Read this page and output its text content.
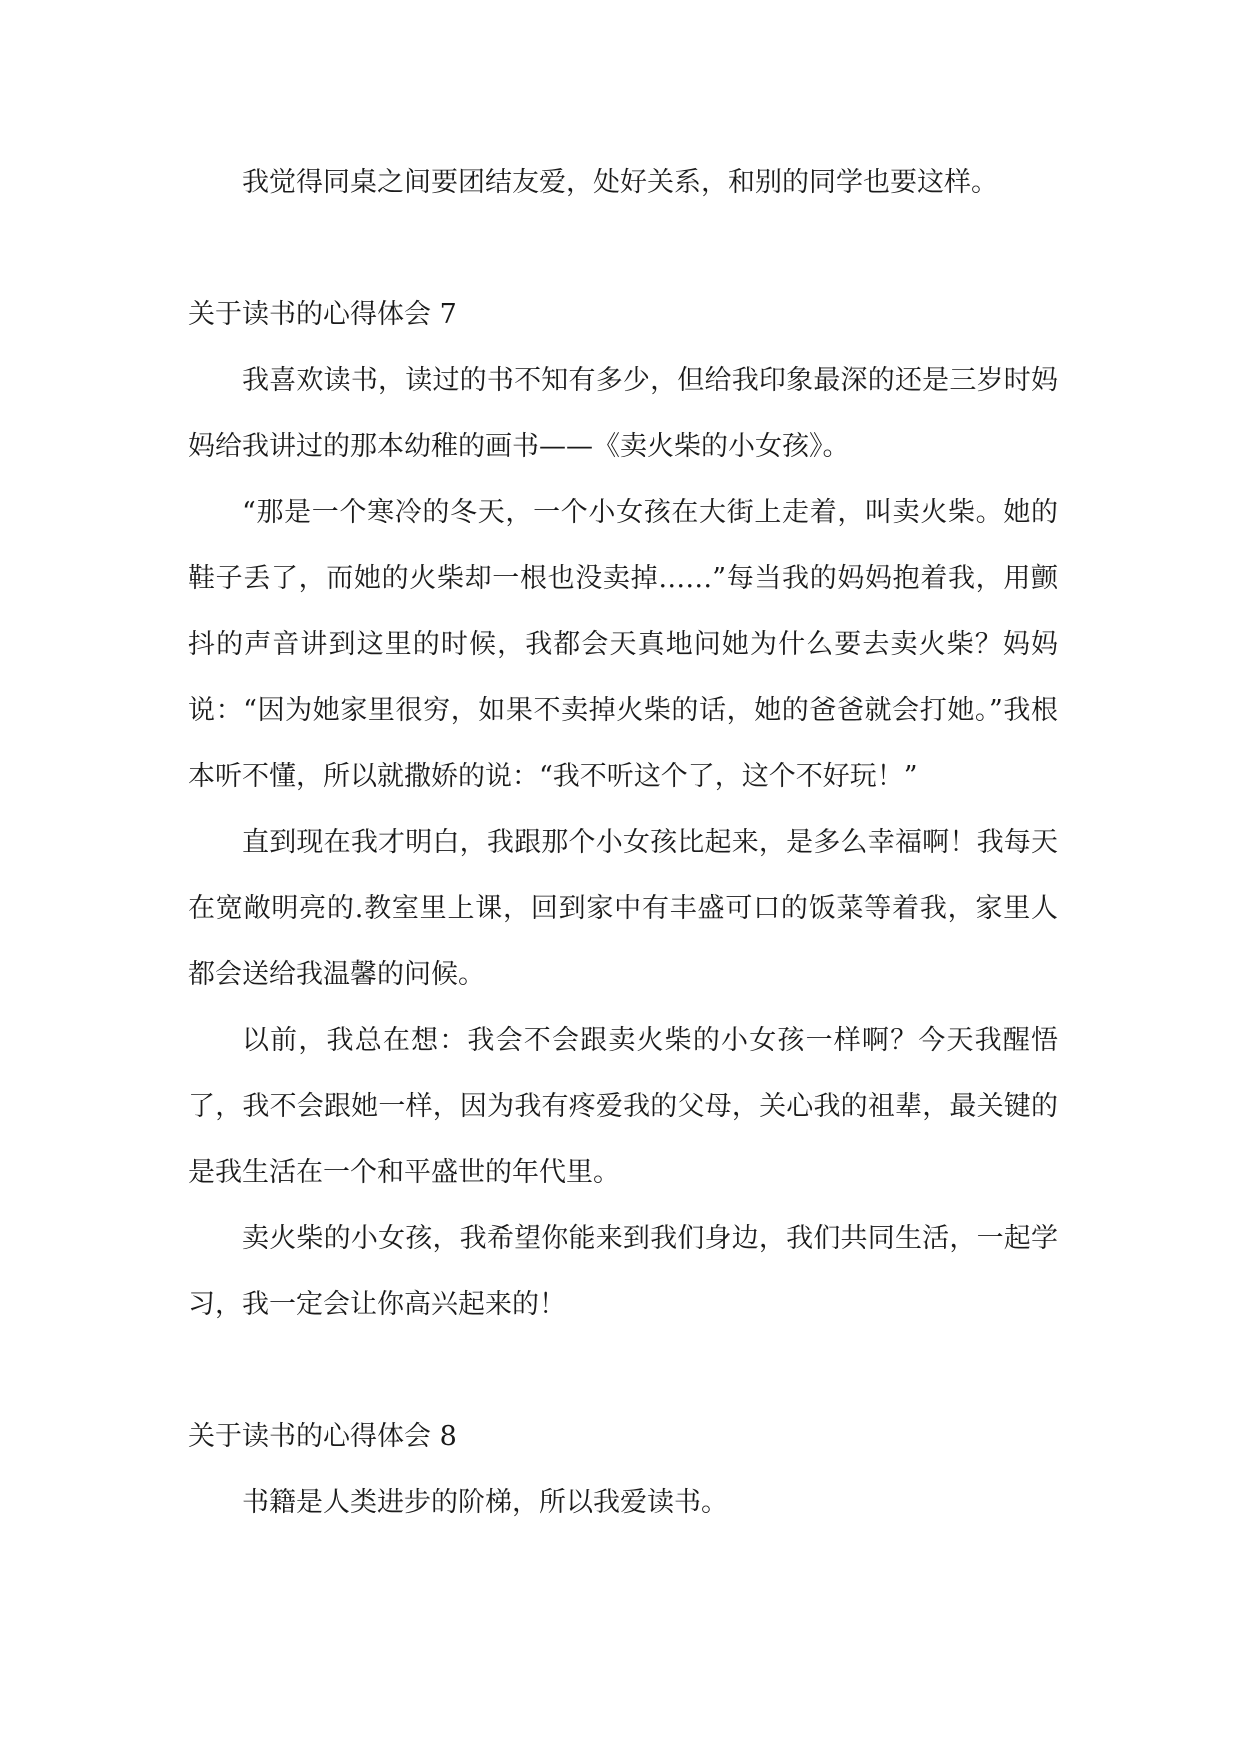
我觉得同桌之间要团结友爱，处好关系，和别的同学也要这样。

关于读书的心得体会 7

我喜欢读书，读过的书不知有多少，但给我印象最深的还是三岁时妈妈给我讲过的那本幼稚的画书——《卖火柴的小女孩》。

“那是一个寒冷的冬天，一个小女孩在大街上走着，叫卖火柴。她的鞋子丢了，而她的火柴却一根也没卖掉……”每当我的妈妈抱着我，用颤抖的声音讲到这里的时候，我都会天真地问她为什么要去卖火柴？妈妈说：“因为她家里很穷，如果不卖掉火柴的话，她的爸爸就会打她。”我根本听不懂，所以就撒娇的说：“我不听这个了，这个不好玩！”

直到现在我才明白，我跟那个小女孩比起来，是多么幸福啊！我每天在宽敞明亮的.教室里上课，回到家中有丰盛可口的饭菜等着我，家里人都会送给我温馨的问候。

以前，我总在想：我会不会跟卖火柴的小女孩一样啊？今天我醒悟了，我不会跟她一样，因为我有疼爱我的父母，关心我的祖辈，最关键的是我生活在一个和平盛世的年代里。

卖火柴的小女孩，我希望你能来到我们身边，我们共同生活，一起学习，我一定会让你高兴起来的！

关于读书的心得体会 8

书籍是人类进步的阶梯，所以我爱读书。
